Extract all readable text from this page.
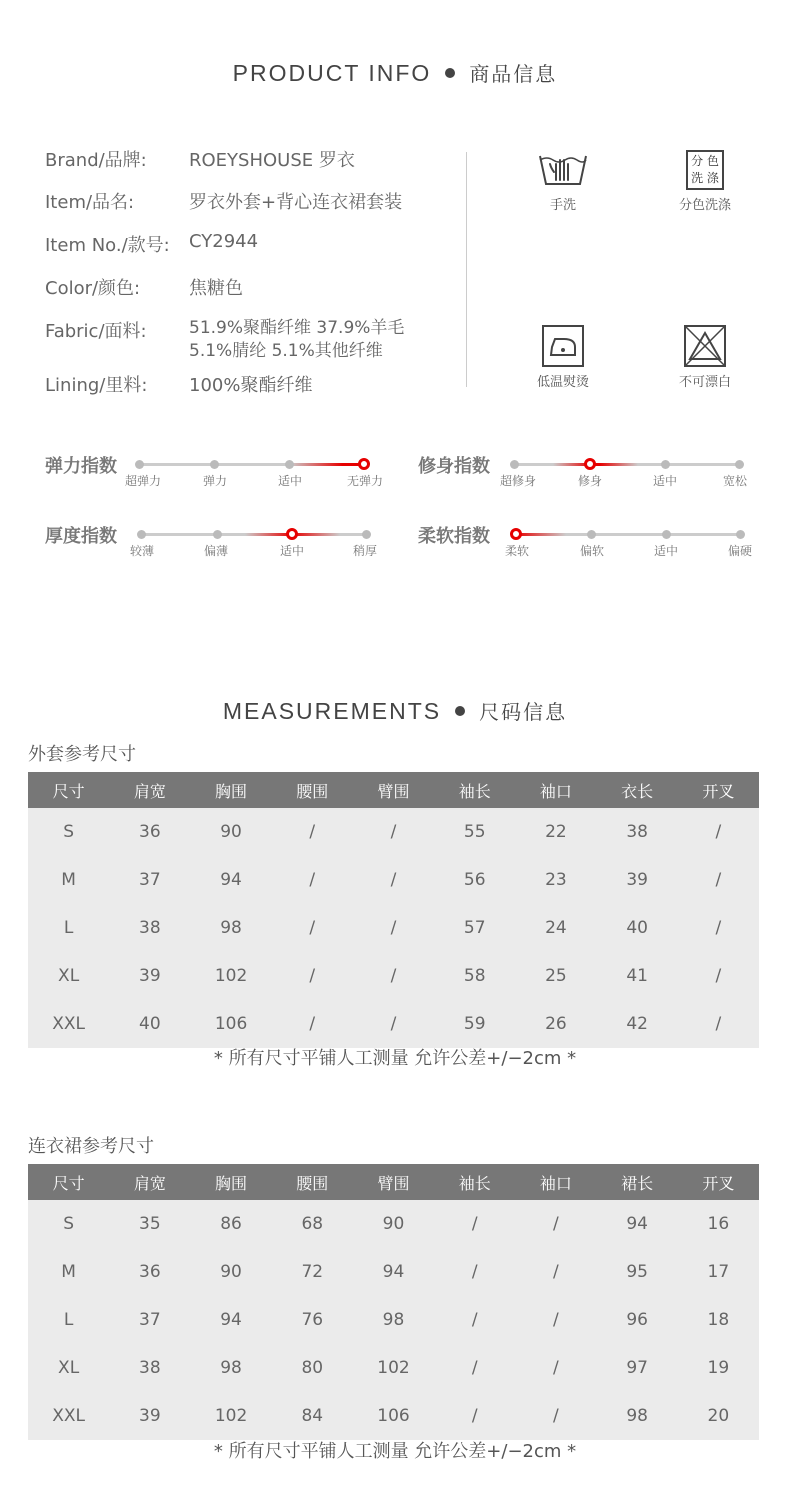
PRODUCT INFO 商品信息
Brand/品牌: ROEYSHOUSE 罗衣
Item/品名:	罗衣外套+背心连衣裙套装
Item No./款号: CY2944
Color/颜色:	焦糖色
Fabric/面料: 51.9%聚酯纤维 37.9%羊毛
5.1%腈纶 5.1%其他纤维
Lining/里料: 100%聚酯纤维
手洗
分 色
洗 涤
分色洗涤
低温熨烫	不可漂白
弹力指数
超弹力	弹力	适中	无弹力
修身指数
超修身	修身	适中	宽松
厚度指数
较薄	偏薄	适中	稍厚
柔软指数
柔软	偏软	适中	偏硬
MEASUREMENTS 尺码信息
外套参考尺寸
尺寸	肩宽	胸围	腰围	臂围	袖长	袖口	衣长	开叉
S	36	90	/	/	55	22	38	/
M	37	94	/	/	56	23	39	/
L	38	98	/	/	57	24	40	/
XL	39	102	/	/	58	25	41	/
XXL	40	106	/	/	59	26	42	/
* 所有尺寸平铺人工测量 允许公差+/−2cm *
连衣裙参考尺寸
尺寸	肩宽	胸围	腰围	臂围	袖长	袖口	裙长	开叉
S	35	86	68	90	/	/	94	16
M	36	90	72	94	/	/	95	17
L	37	94	76	98	/	/	96	18
XL	38	98	80	102	/	/	97	19
XXL	39	102	84	106	/	/	98	20
* 所有尺寸平铺人工测量 允许公差+/−2cm *
